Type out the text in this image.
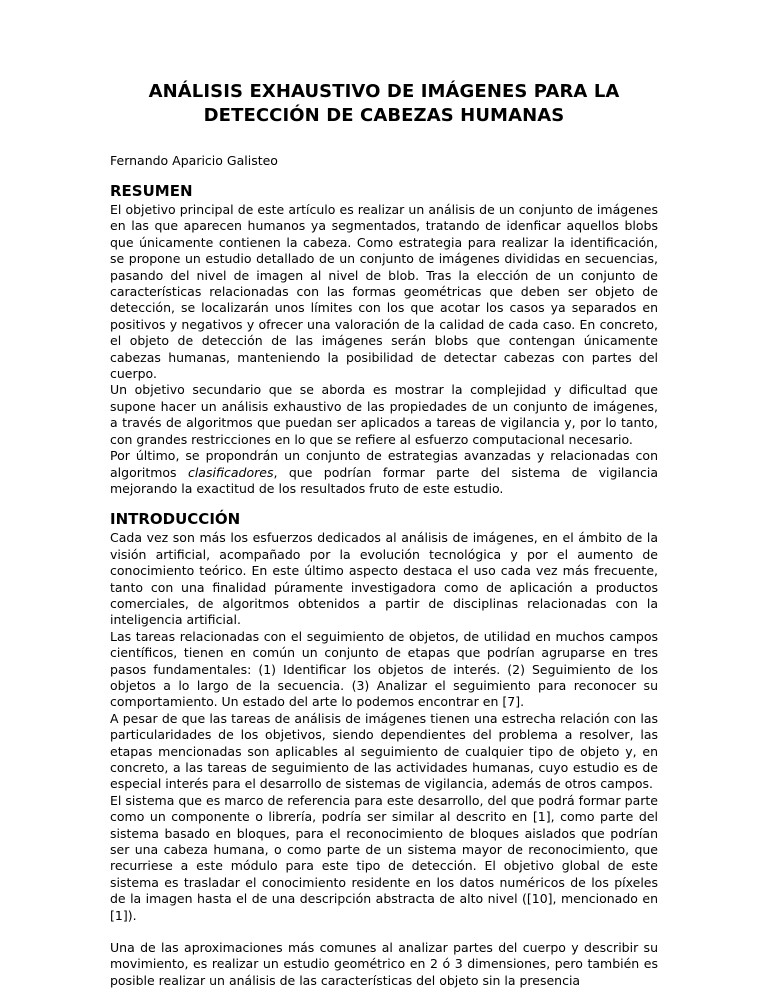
ANÁLISIS EXHAUSTIVO DE IMÁGENES PARA LA
DETECCIÓN DE CABEZAS HUMANAS
Fernando Aparicio Galisteo
RESUMEN

El objetivo principal de este artículo es realizar un análisis de un conjunto de imágenes en las que aparecen humanos ya segmentados, tratando de idenficar aquellos blobs que únicamente contienen la cabeza. Como estrategia para realizar la identificación, se propone un estudio detallado de un conjunto de imágenes divididas en secuencias, pasando del nivel de imagen al nivel de blob. Tras la elección de un conjunto de características relacionadas con las formas geométricas que deben ser objeto de detección, se localizarán unos límites con los que acotar los casos ya separados en positivos y negativos y ofrecer una valoración de la calidad de cada caso. En concreto, el objeto de detección de las imágenes serán blobs que contengan únicamente cabezas humanas, manteniendo la posibilidad de detectar cabezas con partes del cuerpo.

Un objetivo secundario que se aborda es mostrar la complejidad y dificultad que supone hacer un análisis exhaustivo de las propiedades de un conjunto de imágenes, a través de algoritmos que puedan ser aplicados a tareas de vigilancia y, por lo tanto, con grandes restricciones en lo que se refiere al esfuerzo computacional necesario.

Por último, se propondrán un conjunto de estrategias avanzadas y relacionadas con algoritmos clasificadores, que podrían formar parte del sistema de vigilancia mejorando la exactitud de los resultados fruto de este estudio.

INTRODUCCIÓN

Cada vez son más los esfuerzos dedicados al análisis de imágenes, en el ámbito de la visión artificial, acompañado por la evolución tecnológica y por el aumento de conocimiento teórico. En este último aspecto destaca el uso cada vez más frecuente, tanto con una finalidad púramente investigadora como de aplicación a productos comerciales, de algoritmos obtenidos a partir de disciplinas relacionadas con la inteligencia artificial.

Las tareas relacionadas con el seguimiento de objetos, de utilidad en muchos campos científicos, tienen en común un conjunto de etapas que podrían agruparse en tres pasos fundamentales: (1) Identificar los objetos de interés. (2) Seguimiento de los objetos a lo largo de la secuencia. (3) Analizar el seguimiento para reconocer su comportamiento. Un estado del arte lo podemos encontrar en [7].

A pesar de que las tareas de análisis de imágenes tienen una estrecha relación con las particularidades de los objetivos, siendo dependientes del problema a resolver, las etapas mencionadas son aplicables al seguimiento de cualquier tipo de objeto y, en concreto, a las tareas de seguimiento de las actividades humanas, cuyo estudio es de especial interés para el desarrollo de sistemas de vigilancia, además de otros campos.

El sistema que es marco de referencia para este desarrollo, del que podrá formar parte como un componente o librería, podría ser similar al descrito en [1], como parte del sistema basado en bloques, para el reconocimiento de bloques aislados que podrían ser una cabeza humana, o como parte de un sistema mayor de reconocimiento, que recurriese a este módulo para este tipo de detección. El objetivo global de este sistema es trasladar el conocimiento residente en los datos numéricos de los píxeles de la imagen hasta el de una descripción abstracta de alto nivel ([10], mencionado en [1]).

Una de las aproximaciones más comunes al analizar partes del cuerpo y describir su movimiento, es realizar un estudio geométrico en 2 ó 3 dimensiones, pero también es posible realizar un análisis de las características del objeto sin la presencia
